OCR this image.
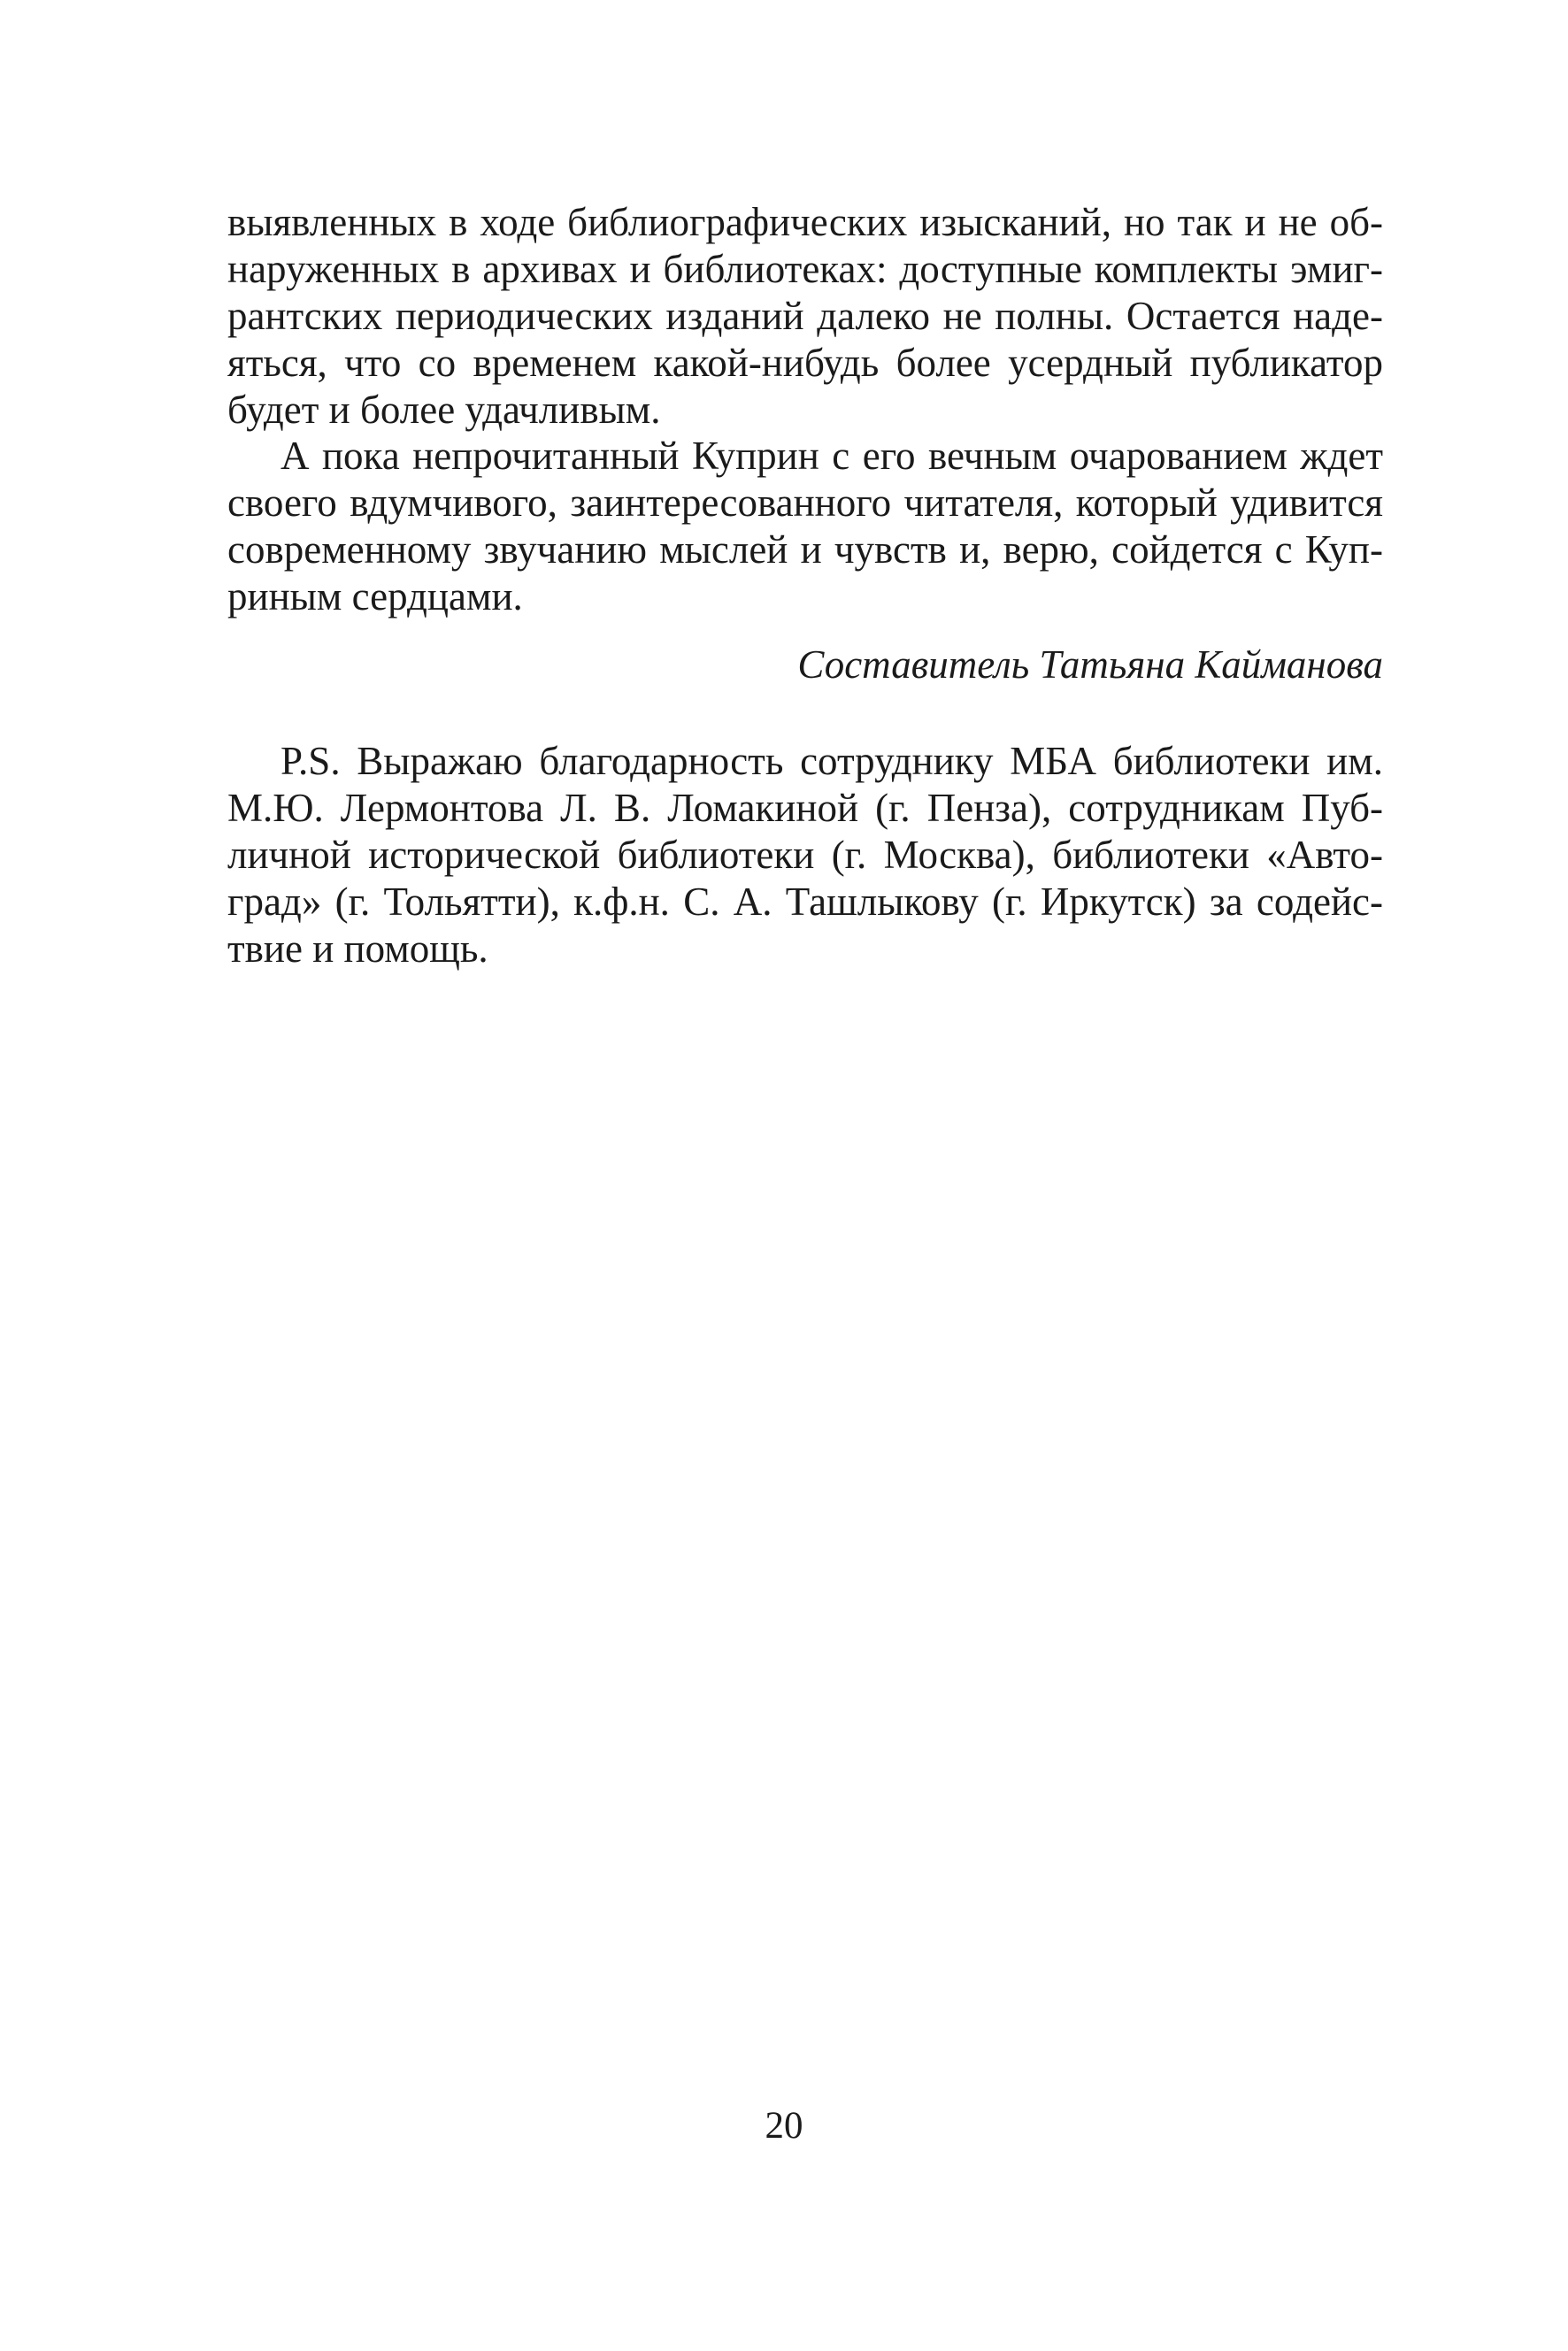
выявленных в ходе библиографических изысканий, но так и не об-
наруженных в архивах и библиотеках: доступные комплекты эмиг-
рантских периодических изданий далеко не полны. Остается наде-
яться, что со временем какой-нибудь более усердный публикатор
будет и более удачливым.
А пока непрочитанный Куприн с его вечным очарованием ждет
своего вдумчивого, заинтересованного читателя, который удивится
современному звучанию мыслей и чувств и, верю, сойдется с Куп-
риным сердцами.

Составитель Татьяна Кайманова

P.S. Выражаю благодарность сотруднику МБА библиотеки им.
М.Ю. Лермонтова Л. В. Ломакиной (г. Пенза), сотрудникам Пуб-
личной исторической библиотеки (г. Москва), библиотеки «Авто-
град» (г. Тольятти), к.ф.н. С. А. Ташлыкову (г. Иркутск) за содейс-
твие и помощь.

20
